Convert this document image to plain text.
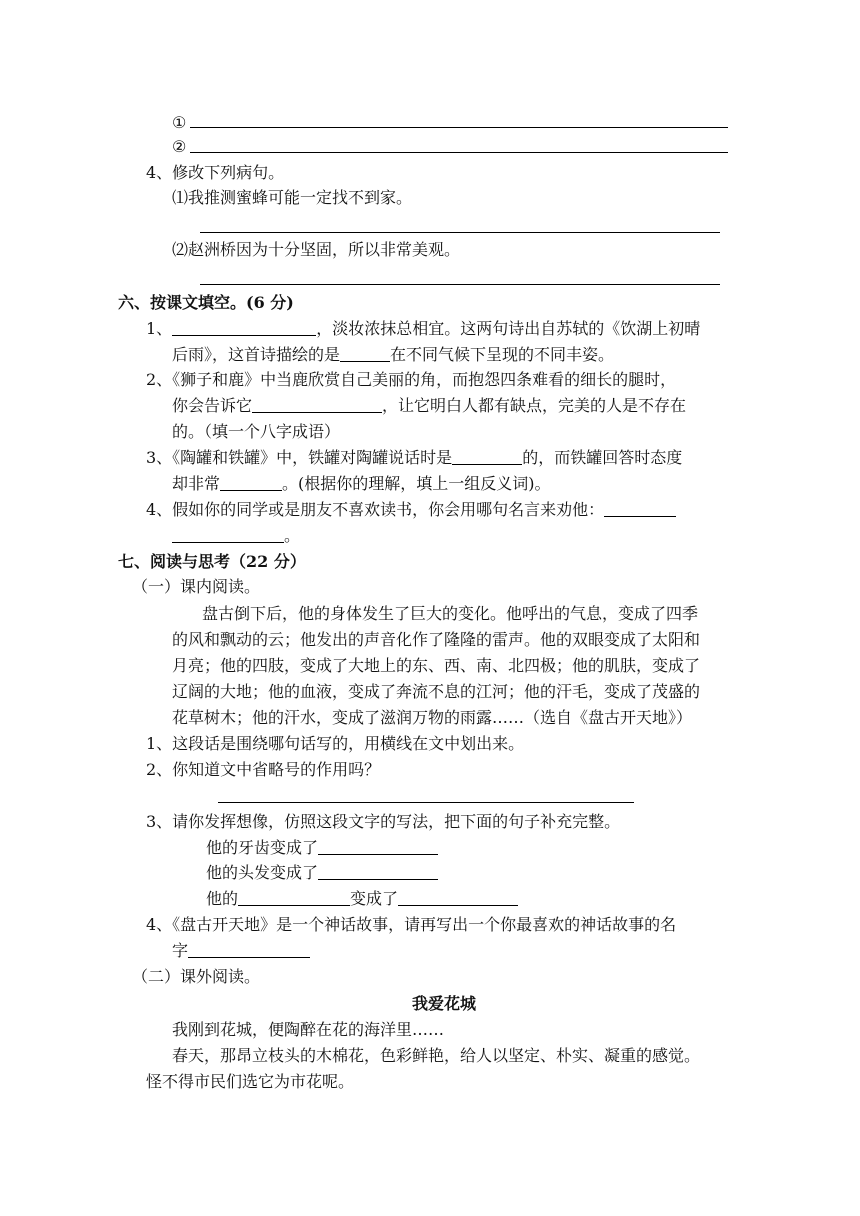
①
②
4、修改下列病句。
⑴我推测蜜蜂可能一定找不到家。
⑵赵洲桥因为十分坚固，所以非常美观。
六、按课文填空。(6 分)
1、	，淡妆浓抹总相宜。这两句诗出自苏轼的《饮湖上初晴
后雨》，这首诗描绘的是	在不同气候下呈现的不同丰姿。
2、《狮子和鹿》中当鹿欣赏自己美丽的角，而抱怨四条难看的细长的腿时，
你会告诉它	，让它明白人都有缺点，完美的人是不存在
的。（填一个八字成语）
3、《陶罐和铁罐》中，铁罐对陶罐说话时是	的，而铁罐回答时态度
却非常	。(根据你的理解，填上一组反义词)。
4、假如你的同学或是朋友不喜欢读书，你会用哪句名言来劝他：
。
七、阅读与思考（22 分）
（一）课内阅读。
盘古倒下后，他的身体发生了巨大的变化。他呼出的气息，变成了四季
的风和飘动的云；他发出的声音化作了隆隆的雷声。他的双眼变成了太阳和
月亮；他的四肢，变成了大地上的东、西、南、北四极；他的肌肤，变成了
辽阔的大地；他的血液，变成了奔流不息的江河；他的汗毛，变成了茂盛的
花草树木；他的汗水，变成了滋润万物的雨露……（选自《盘古开天地》）
1、这段话是围绕哪句话写的，用横线在文中划出来。
2、你知道文中省略号的作用吗？
3、请你发挥想像，仿照这段文字的写法，把下面的句子补充完整。
他的牙齿变成了
他的头发变成了
他的	变成了
4、《盘古开天地》是一个神话故事，请再写出一个你最喜欢的神话故事的名
字
（二）课外阅读。
我爱花城
我刚到花城，便陶醉在花的海洋里……
春天，那昂立枝头的木棉花，色彩鲜艳，给人以坚定、朴实、凝重的感觉。
怪不得市民们选它为市花呢。
